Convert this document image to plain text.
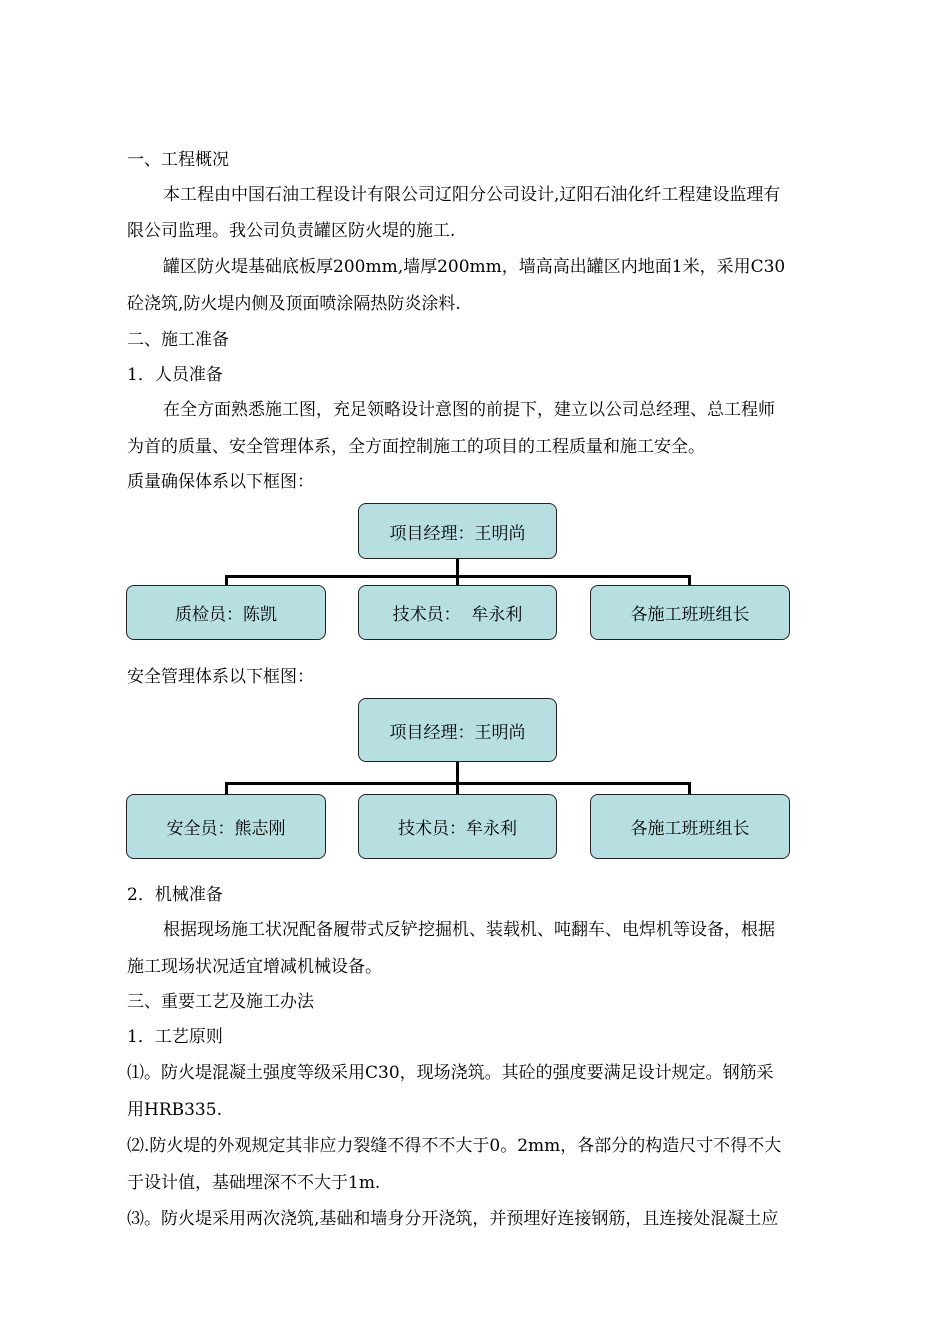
一、工程概况
本工程由中国石油工程设计有限公司辽阳分公司设计,辽阳石油化纤工程建设监理有
限公司监理。我公司负责罐区防火堤的施工.
罐区防火堤基础底板厚200mm,墙厚200mm，墙高高出罐区内地面1米，采用C30
砼浇筑,防火堤内侧及顶面喷涂隔热防炎涂料.
二、施工准备
1．人员准备
在全方面熟悉施工图，充足领略设计意图的前提下，建立以公司总经理、总工程师
为首的质量、安全管理体系，全方面控制施工的项目的工程质量和施工安全。
质量确保体系以下框图：
项目经理：王明尚
质检员：陈凯	技术员：  牟永利	各施工班班组长
安全管理体系以下框图：
项目经理：王明尚
安全员：熊志刚	技术员：牟永利	各施工班班组长
2．机械准备
根据现场施工状况配备履带式反铲挖掘机、装载机、吨翻车、电焊机等设备，根据
施工现场状况适宜增减机械设备。
三、重要工艺及施工办法
1．工艺原则
⑴。防火堤混凝土强度等级采用C30，现场浇筑。其砼的强度要满足设计规定。钢筋采
用HRB335.
⑵.防火堤的外观规定其非应力裂缝不得不不大于0。2mm，各部分的构造尺寸不得不大
于设计值，基础埋深不不大于1m.
⑶。防火堤采用两次浇筑,基础和墙身分开浇筑，并预埋好连接钢筋，且连接处混凝土应
